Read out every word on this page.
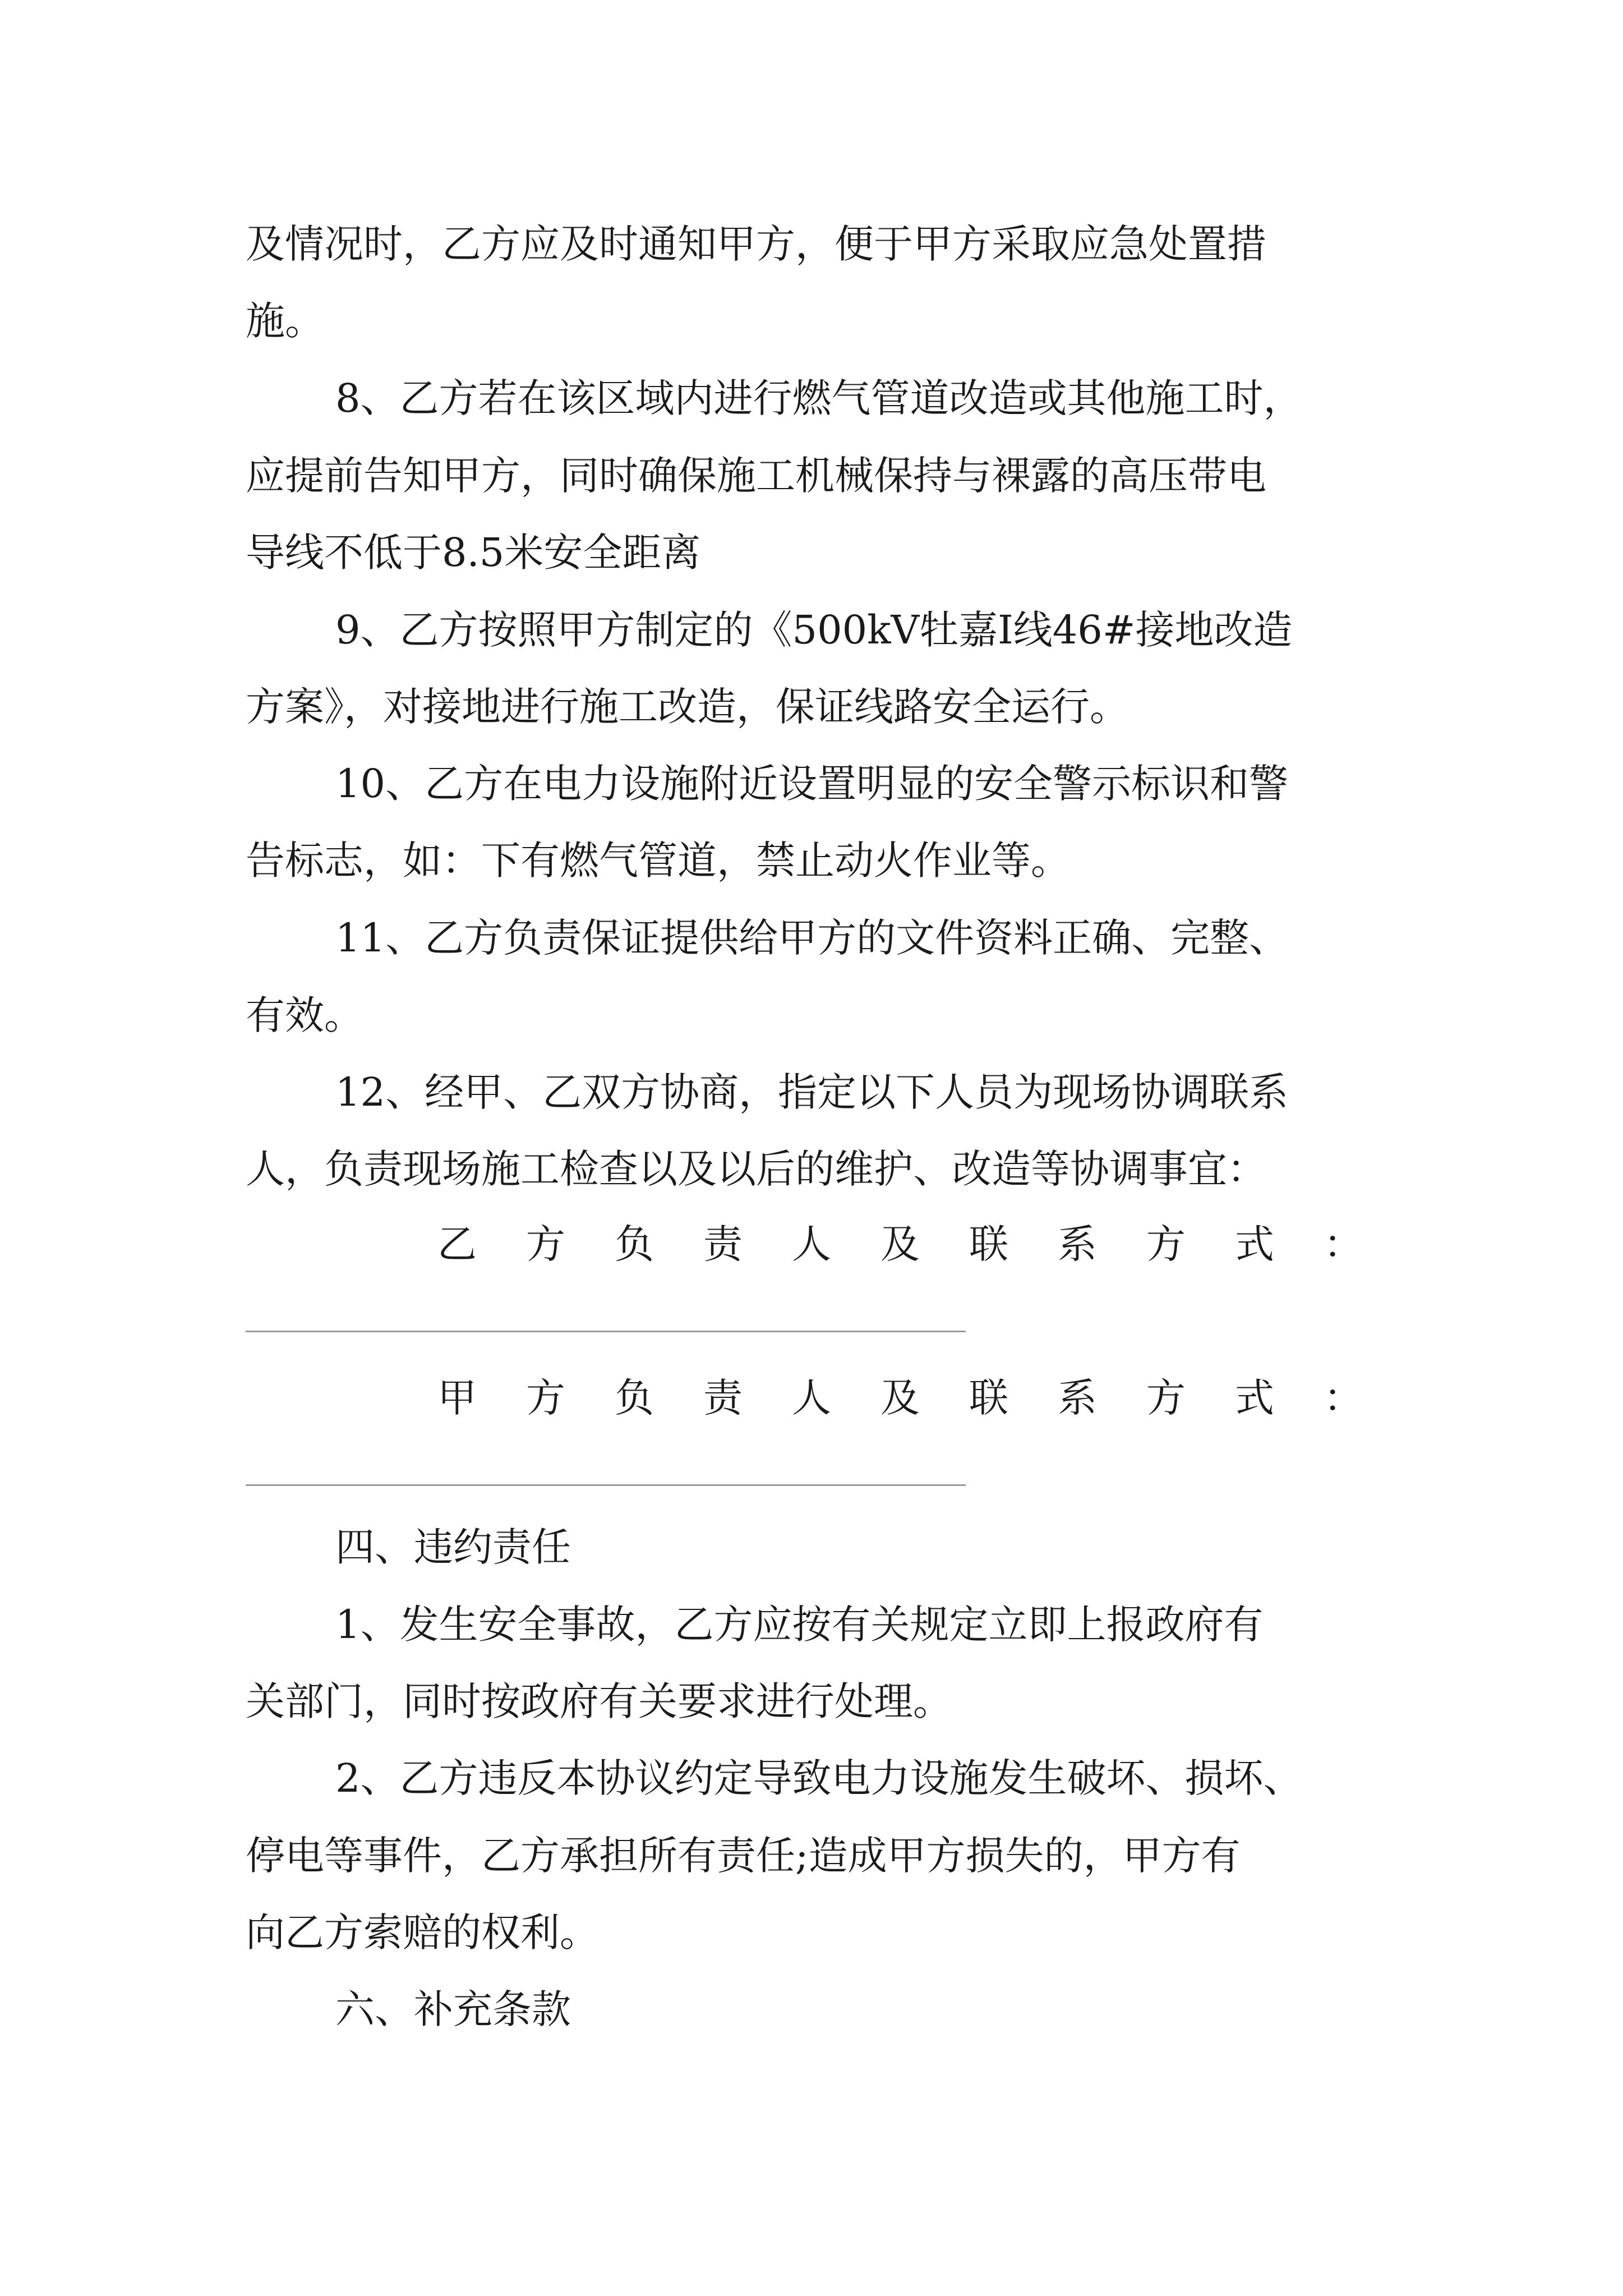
及情况时，乙方应及时通知甲方，便于甲方采取应急处置措
施。
8、乙方若在该区域内进行燃气管道改造或其他施工时，
应提前告知甲方，同时确保施工机械保持与裸露的高压带电
导线不低于8.5米安全距离
9、乙方按照甲方制定的《500kV牡嘉Ⅰ线46#接地改造
方案》，对接地进行施工改造，保证线路安全运行。
10、乙方在电力设施附近设置明显的安全警示标识和警
告标志，如：下有燃气管道，禁止动火作业等。
11、乙方负责保证提供给甲方的文件资料正确、完整、
有效。
12、经甲、乙双方协商，指定以下人员为现场协调联系
人，负责现场施工检查以及以后的维护、改造等协调事宜：
乙 方 负 责 人 及 联 系 方 式 ：
甲 方 负 责 人 及 联 系 方 式 ：
四、违约责任
1、发生安全事故，乙方应按有关规定立即上报政府有
关部门，同时按政府有关要求进行处理。
2、乙方违反本协议约定导致电力设施发生破坏、损坏、
停电等事件，乙方承担所有责任;造成甲方损失的，甲方有
向乙方索赔的权利。
六、补充条款
